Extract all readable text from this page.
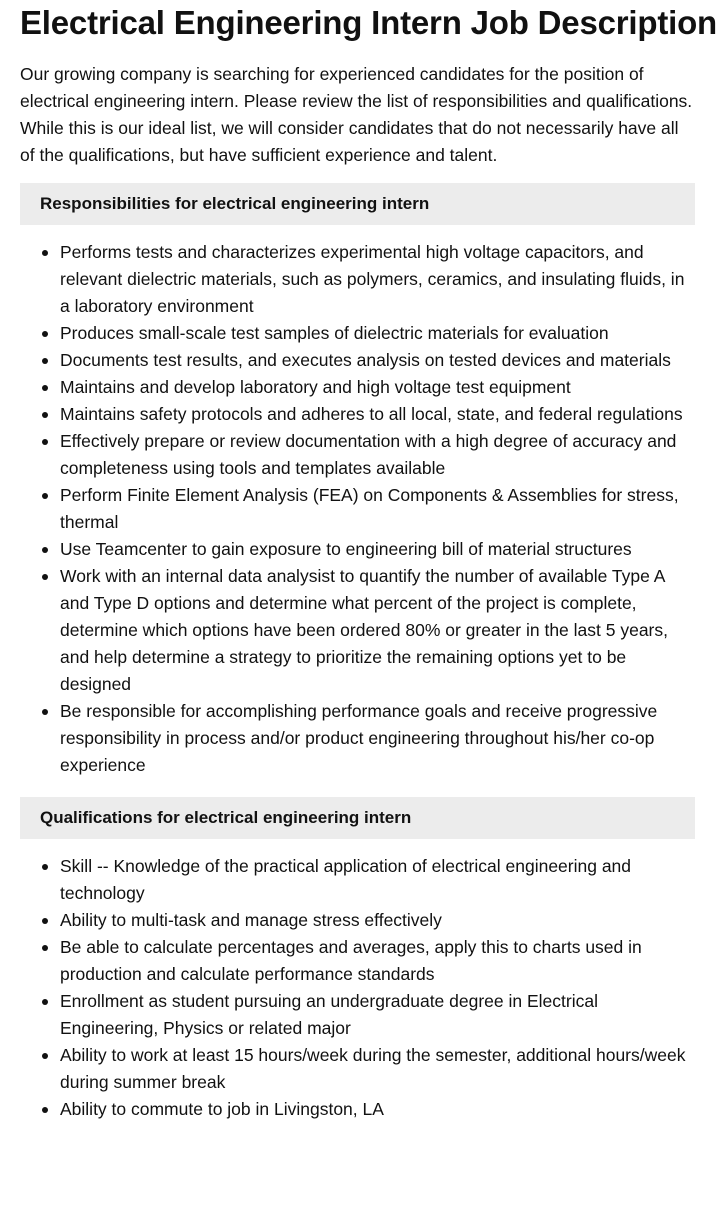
Electrical Engineering Intern Job Description

Our growing company is searching for experienced candidates for the position of electrical engineering intern. Please review the list of responsibilities and qualifications. While this is our ideal list, we will consider candidates that do not necessarily have all of the qualifications, but have sufficient experience and talent.

Responsibilities for electrical engineering intern
Performs tests and characterizes experimental high voltage capacitors, and relevant dielectric materials, such as polymers, ceramics, and insulating fluids, in a laboratory environment
Produces small-scale test samples of dielectric materials for evaluation
Documents test results, and executes analysis on tested devices and materials
Maintains and develop laboratory and high voltage test equipment
Maintains safety protocols and adheres to all local, state, and federal regulations
Effectively prepare or review documentation with a high degree of accuracy and completeness using tools and templates available
Perform Finite Element Analysis (FEA) on Components & Assemblies for stress, thermal
Use Teamcenter to gain exposure to engineering bill of material structures
Work with an internal data analysist to quantify the number of available Type A and Type D options and determine what percent of the project is complete, determine which options have been ordered 80% or greater in the last 5 years, and help determine a strategy to prioritize the remaining options yet to be designed
Be responsible for accomplishing performance goals and receive progressive responsibility in process and/or product engineering throughout his/her co-op experience
Qualifications for electrical engineering intern
Skill -- Knowledge of the practical application of electrical engineering and technology
Ability to multi-task and manage stress effectively
Be able to calculate percentages and averages, apply this to charts used in production and calculate performance standards
Enrollment as student pursuing an undergraduate degree in Electrical Engineering, Physics or related major
Ability to work at least 15 hours/week during the semester, additional hours/week during summer break
Ability to commute to job in Livingston, LA
